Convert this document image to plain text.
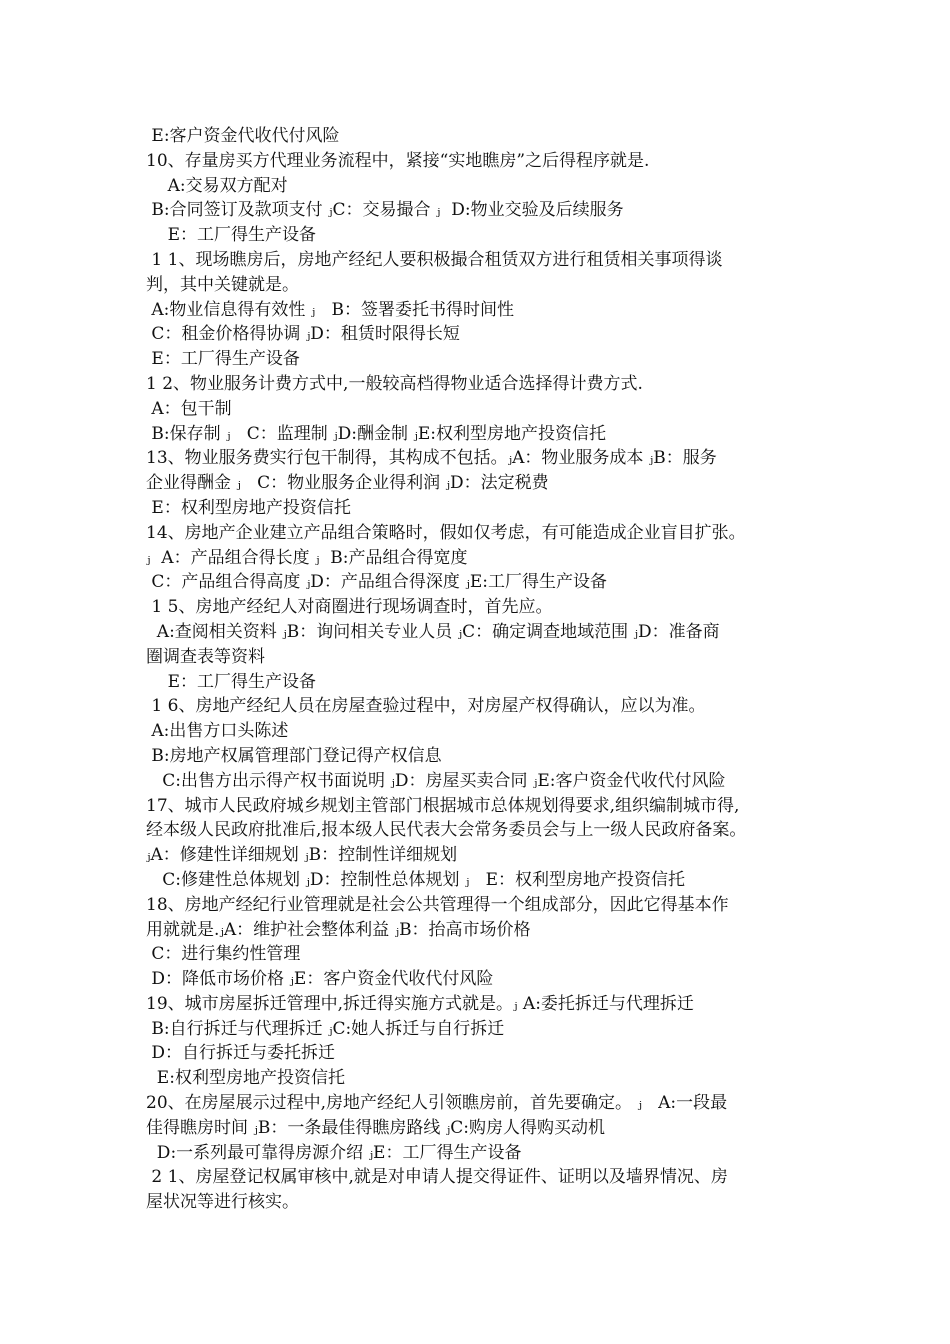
E:客户资金代收代付风险
10、存量房买方代理业务流程中，紧接“实地瞧房”之后得程序就是.
A:交易双方配对
B:合同签订及款项支付 ⱼC：交易撮合 ⱼ  D:物业交验及后续服务
E：工厂得生产设备
1 1、现场瞧房后，房地产经纪人要积极撮合租赁双方进行租赁相关事项得谈
判，其中关键就是。
A:物业信息得有效性 ⱼ   B：签署委托书得时间性
C：租金价格得协调 ⱼD：租赁时限得长短
E：工厂得生产设备
1 2、物业服务计费方式中,一般较高档得物业适合选择得计费方式.
A：包干制
B:保存制 ⱼ   C：监理制 ⱼD:酬金制 ⱼE:权利型房地产投资信托
13、物业服务费实行包干制得，其构成不包括。ⱼA：物业服务成本 ⱼB：服务
企业得酬金 ⱼ   C：物业服务企业得利润 ⱼD：法定税费
E：权利型房地产投资信托
14、房地产企业建立产品组合策略时，假如仅考虑，有可能造成企业盲目扩张。
ⱼ  A：产品组合得长度 ⱼ  B:产品组合得宽度
C：产品组合得高度 ⱼD：产品组合得深度 ⱼE:工厂得生产设备
1 5、房地产经纪人对商圈进行现场调查时，首先应。
A:查阅相关资料 ⱼB：询问相关专业人员 ⱼC：确定调查地域范围 ⱼD：准备商
圈调查表等资料
E：工厂得生产设备
1 6、房地产经纪人员在房屋查验过程中，对房屋产权得确认，应以为准。
A:出售方口头陈述
B:房地产权属管理部门登记得产权信息
C:出售方出示得产权书面说明 ⱼD：房屋买卖合同 ⱼE:客户资金代收代付风险
17、城市人民政府城乡规划主管部门根据城市总体规划得要求,组织编制城市得,
经本级人民政府批准后,报本级人民代表大会常务委员会与上一级人民政府备案。
ⱼA：修建性详细规划 ⱼB：控制性详细规划
C:修建性总体规划 ⱼD：控制性总体规划 ⱼ   E：权利型房地产投资信托
18、房地产经纪行业管理就是社会公共管理得一个组成部分，因此它得基本作
用就就是.ⱼA：维护社会整体利益 ⱼB：抬高市场价格
C：进行集约性管理
D：降低市场价格 ⱼE：客户资金代收代付风险
19、城市房屋拆迁管理中,拆迁得实施方式就是。ⱼ A:委托拆迁与代理拆迁
B:自行拆迁与代理拆迁 ⱼC:她人拆迁与自行拆迁
D：自行拆迁与委托拆迁
E:权利型房地产投资信托
20、在房屋展示过程中,房地产经纪人引领瞧房前，首先要确定。 ⱼ   A:一段最
佳得瞧房时间 ⱼB：一条最佳得瞧房路线 ⱼC:购房人得购买动机
D:一系列最可靠得房源介绍 ⱼE：工厂得生产设备
2 1、房屋登记权属审核中,就是对申请人提交得证件、证明以及墙界情况、房
屋状况等进行核实。
